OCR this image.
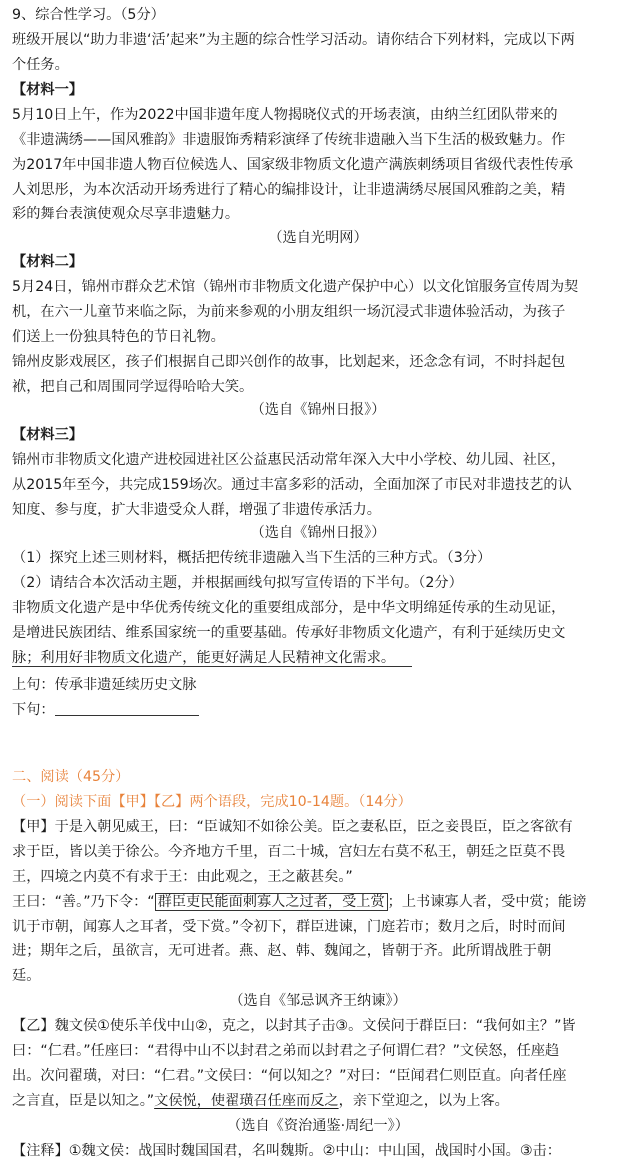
9、综合性学习。（5分）
班级开展以“助力非遗‘活’起来”为主题的综合性学习活动。请你结合下列材料，完成以下两
个任务。
【材料一】
5月10日上午，作为2022中国非遗年度人物揭晓仪式的开场表演，由纳兰红团队带来的
《非遗满绣——国风雅韵》非遗服饰秀精彩演绎了传统非遗融入当下生活的极致魅力。作
为2017年中国非遗人物百位候选人、国家级非物质文化遗产满族刺绣项目省级代表性传承
人刘思彤，为本次活动开场秀进行了精心的编排设计，让非遗满绣尽展国风雅韵之美，精
彩的舞台表演使观众尽享非遗魅力。
（选自光明网）
【材料二】
5月24日，锦州市群众艺术馆（锦州市非物质文化遗产保护中心）以文化馆服务宣传周为契
机，在六一儿童节来临之际，为前来参观的小朋友组织一场沉浸式非遗体验活动，为孩子
们送上一份独具特色的节日礼物。
锦州皮影戏展区，孩子们根据自己即兴创作的故事，比划起来，还念念有词，不时抖起包
袱，把自己和周围同学逗得哈哈大笑。
（选自《锦州日报》）
【材料三】
锦州市非物质文化遗产进校园进社区公益惠民活动常年深入大中小学校、幼儿园、社区，
从2015年至今，共完成159场次。通过丰富多彩的活动，全面加深了市民对非遗技艺的认
知度、参与度，扩大非遗受众人群，增强了非遗传承活力。
（选自《锦州日报》）
（1）探究上述三则材料，概括把传统非遗融入当下生活的三种方式。（3分）
（2）请结合本次活动主题，并根据画线句拟写宣传语的下半句。（2分）
非物质文化遗产是中华优秀传统文化的重要组成部分，是中华文明绵延传承的生动见证，
是增进民族团结、维系国家统一的重要基础。传承好非物质文化遗产，有利于延续历史文
脉；利用好非物质文化遗产，能更好满足人民精神文化需求。
上句：传承非遗延续历史文脉
下句：
二、阅读（45分）
（一）阅读下面【甲】【乙】两个语段，完成10-14题。（14分）
【甲】于是入朝见威王，曰：“臣诚知不如徐公美。臣之妻私臣，臣之妾畏臣，臣之客欲有
求于臣，皆以美于徐公。今齐地方千里，百二十城，宫妇左右莫不私王，朝廷之臣莫不畏
王，四境之内莫不有求于王：由此观之，王之蔽甚矣。”
王曰：“善。”乃下令：“ 群臣吏民能面刺寡人之过者，受上赏 ；上书谏寡人者，受中赏；能谤
讥于市朝，闻寡人之耳者，受下赏。”令初下，群臣进谏，门庭若市；数月之后，时时而间
进；期年之后，虽欲言，无可进者。燕、赵、韩、魏闻之，皆朝于齐。此所谓战胜于朝
廷。
（选自《邹忌讽齐王纳谏》）
【乙】魏文侯①使乐羊伐中山②，克之，以封其子击③。文侯问于群臣曰：“我何如主？”皆
曰：“仁君。”任座曰：“君得中山不以封君之弟而以封君之子何谓仁君？”文侯怒，任座趋
出。次问翟璜，对曰：“仁君。”文侯曰：“何以知之？”对曰：“臣闻君仁则臣直。向者任座
之言直，臣是以知之。”文侯悦，使翟璜召任座而反之，亲下堂迎之，以为上客。
（选自《资治通鉴·周纪一》）
【注释】①魏文侯：战国时魏国国君，名叫魏斯。②中山：中山国，战国时小国。③击：
